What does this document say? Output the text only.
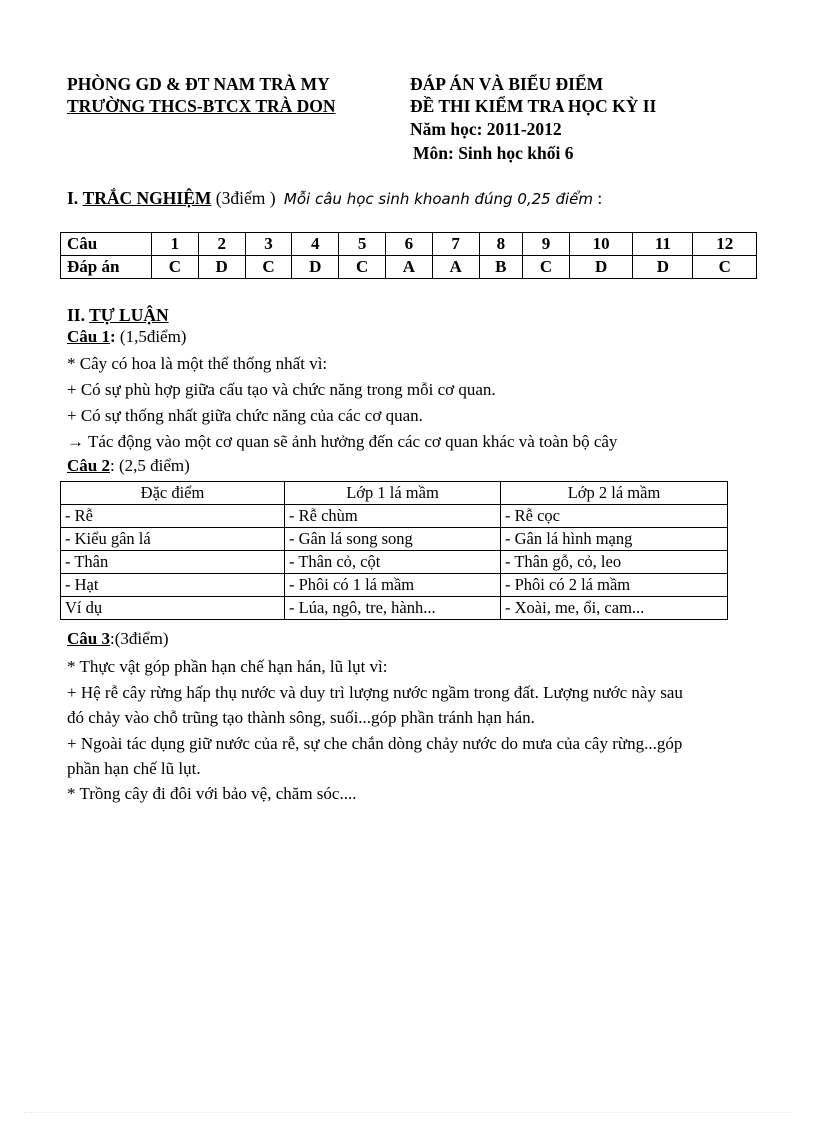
PHÒNG GD & ĐT NAM TRÀ MY
TRƯỜNG THCS-BTCX TRÀ DON
ĐÁP ÁN VÀ BIỂU ĐIỂM
ĐỀ THI KIỂM TRA HỌC KỲ II
Năm học: 2011-2012
Môn: Sinh học khối 6
I. TRẮC NGHIỆM (3điểm ) Mỗi câu học sinh khoanh đúng 0,25 điểm :
Câu	1	2	3	4	5	6	7	8	9	10	11	12
Đáp án	C	D	C	D	C	A	A	B	C	D	D	C
II. TỰ LUẬN
Câu 1: (1,5điểm)
* Cây có hoa là một thể thống nhất vì:
+ Có sự phù hợp giữa cấu tạo và chức năng trong mỗi cơ quan.
+ Có sự thống nhất giữa chức năng của các cơ quan.
→ Tác động vào một cơ quan sẽ ảnh hưởng đến các cơ quan khác và toàn bộ cây
Câu 2: (2,5 điểm)
Đặc điểm	Lớp 1 lá mầm	Lớp 2 lá mầm
- Rễ	- Rễ chùm	- Rễ cọc
- Kiểu gân lá	- Gân lá song song	- Gân lá hình mạng
- Thân	- Thân cỏ, cột	- Thân gỗ, cỏ, leo
- Hạt	- Phôi có 1 lá mầm	- Phôi có 2 lá mầm
Ví dụ	- Lúa, ngô, tre, hành...	- Xoài, me, ổi, cam...
Câu 3:(3điểm)
* Thực vật góp phần hạn chế hạn hán, lũ lụt vì:
+ Hệ rễ cây rừng hấp thụ nước và duy trì lượng nước ngầm trong đất. Lượng nước này sau
đó chảy vào chỗ trũng tạo thành sông, suối...góp phần tránh hạn hán.
+ Ngoài tác dụng giữ nước của rễ, sự che chắn dòng chảy nước do mưa của cây rừng...góp
phần hạn chế lũ lụt.
* Trồng cây đi đôi với bảo vệ, chăm sóc....
